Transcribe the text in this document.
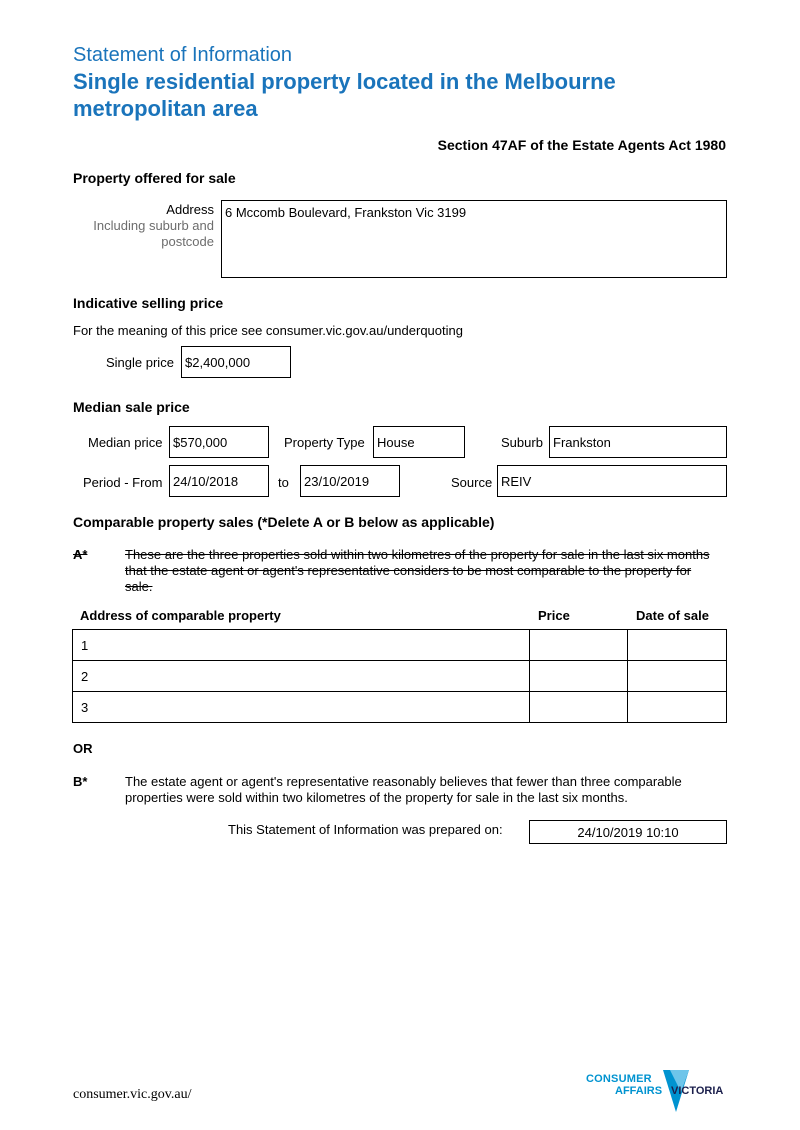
Statement of Information
Single residential property located in the Melbourne metropolitan area
Section 47AF of the Estate Agents Act 1980
Property offered for sale
Address
Including suburb and
postcode
6 Mccomb Boulevard, Frankston Vic 3199
Indicative selling price
For the meaning of this price see consumer.vic.gov.au/underquoting
Single price $2,400,000
Median sale price
Median price $570,000	Property Type House	Suburb Frankston
Period - From 24/10/2018	to	23/10/2019	Source REIV
Comparable property sales (*Delete A or B below as applicable)
A*	These are the three properties sold within two kilometres of the property for sale in the last six months that the estate agent or agent's representative considers to be most comparable to the property for sale.
Address of comparable property	Price	Date of sale
1		
2		
3		
OR
B*	The estate agent or agent's representative reasonably believes that fewer than three comparable properties were sold within two kilometres of the property for sale in the last six months.
This Statement of Information was prepared on:	24/10/2019 10:10
consumer.vic.gov.au/
CONSUMER
AFFAIRS VICTORIA
